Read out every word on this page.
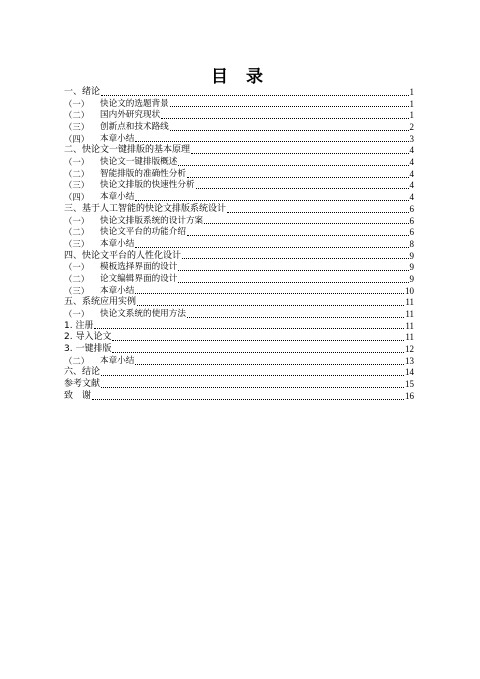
目 录
一、绪论	1
（一）	快论文的选题背景	1
（二）	国内外研究现状	1
（三）	创新点和技术路线	2
（四）	本章小结	3
二、快论文一键排版的基本原理	4
（一）	快论文一键排版概述	4
（二）	智能排版的准确性分析	4
（三）	快论文排版的快速性分析	4
（四）	本章小结	4
三、基于人工智能的快论文排版系统设计	6
（一）	快论文排版系统的设计方案	6
（二）	快论文平台的功能介绍	6
（三）	本章小结	8
四、快论文平台的人性化设计	9
（一）	模板选择界面的设计	9
（二）	论文编辑界面的设计	9
（三）	本章小结	10
五、系统应用实例	11
（一）	快论文系统的使用方法	11
1. 注册	11
2. 导入论文	11
3. 一键排版	12
（二）	本章小结	13
六、结论	14
参考文献	15
致　谢	16
